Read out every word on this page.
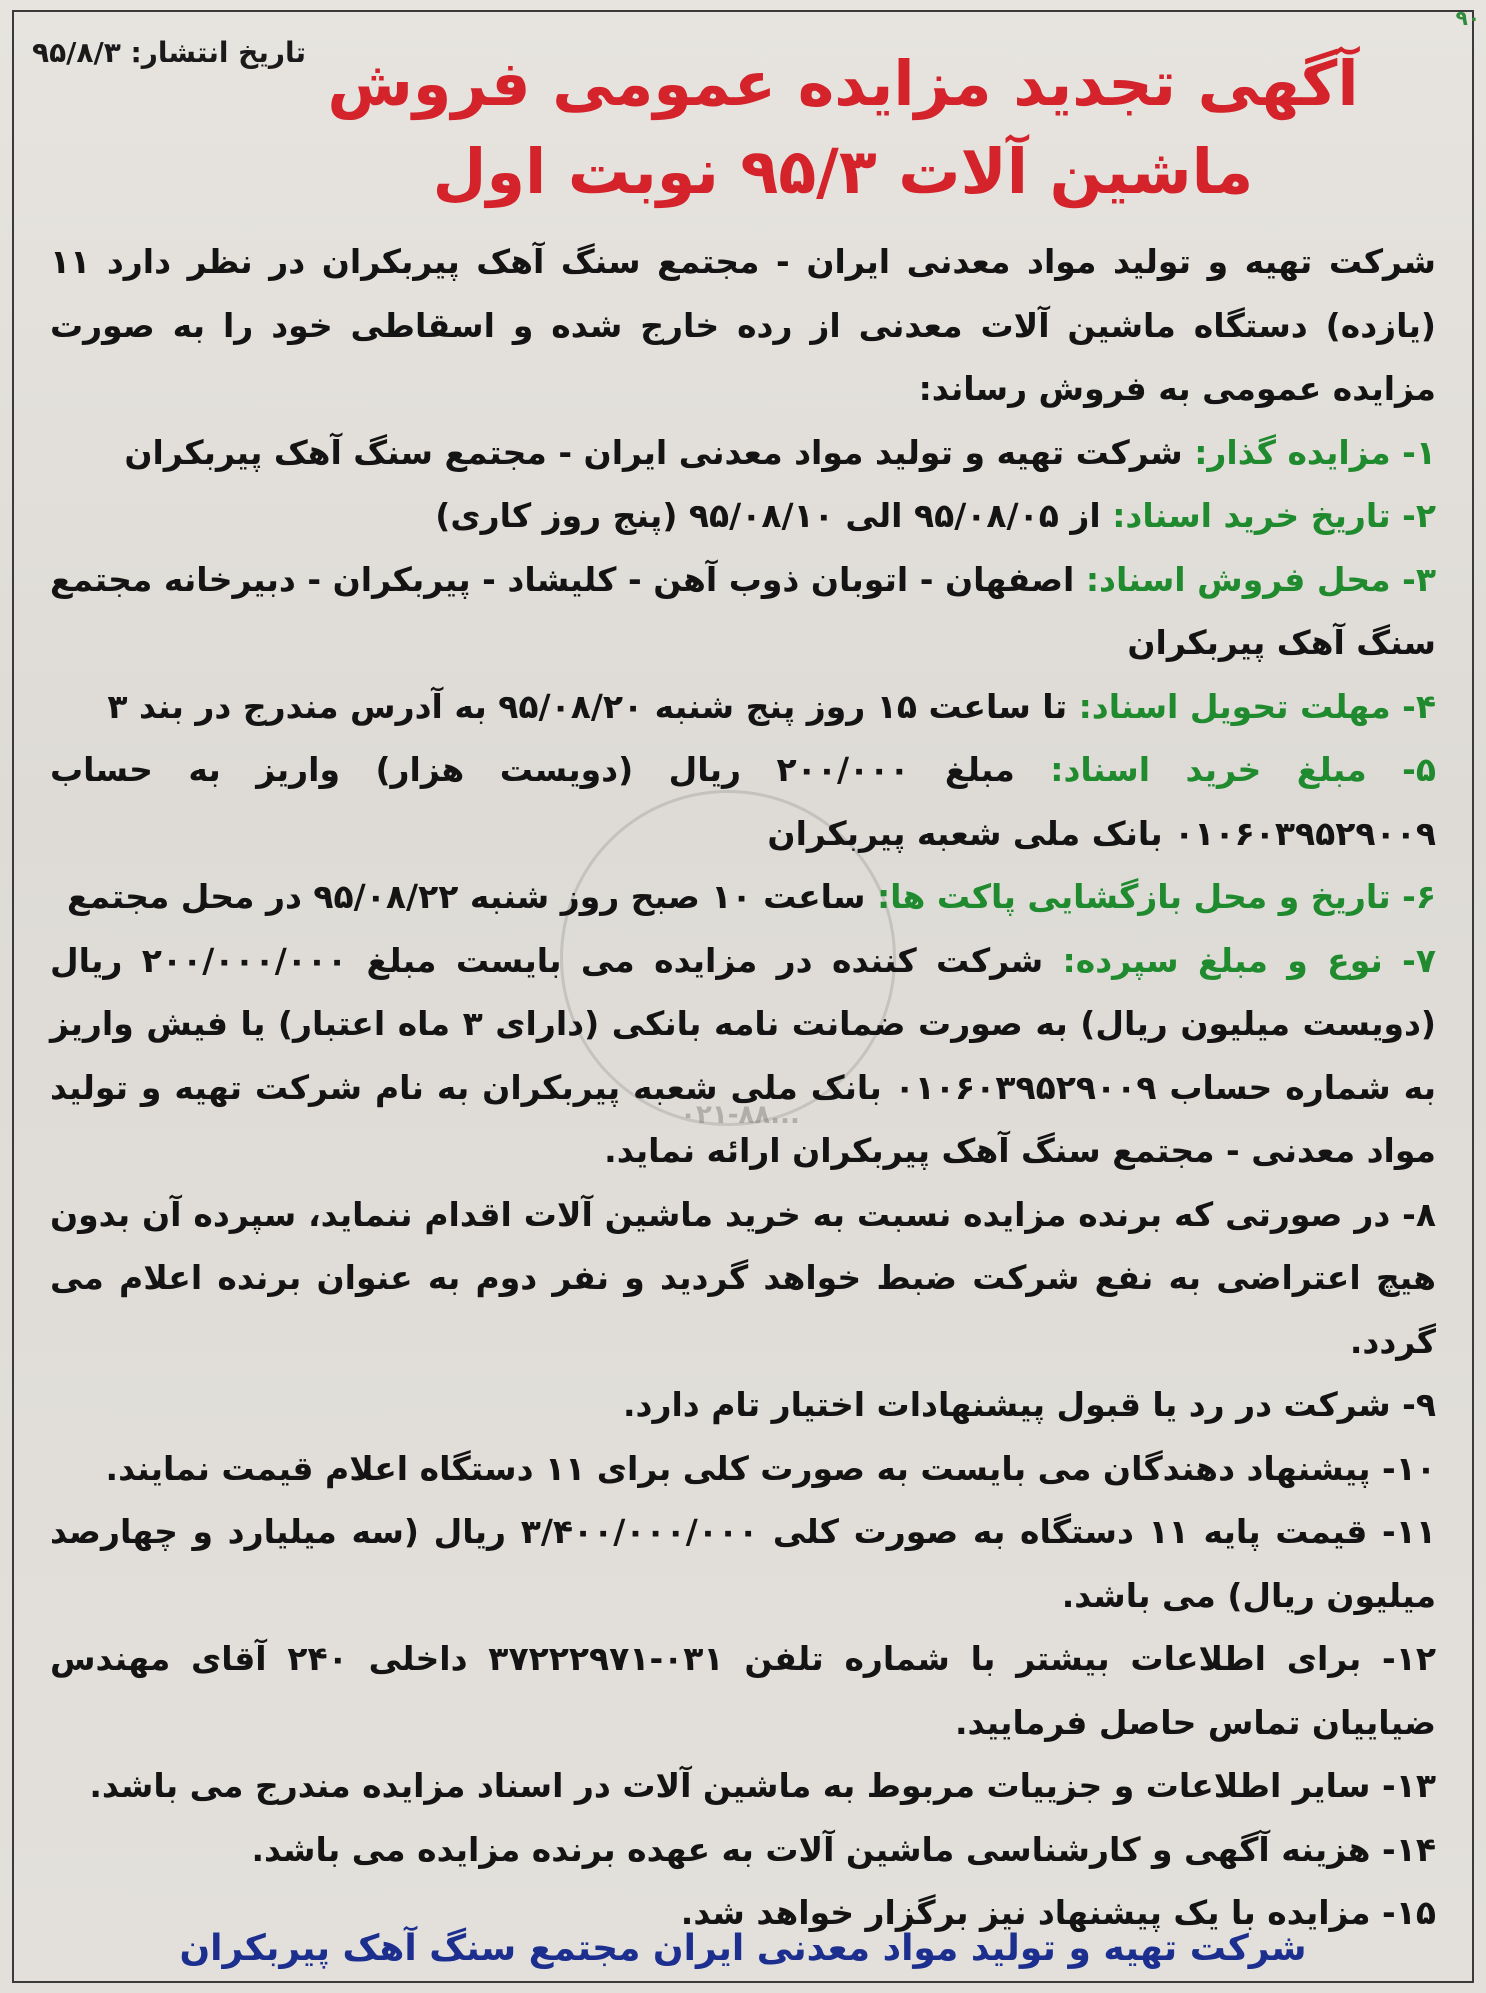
۹۰
تاریخ انتشار: ۹۵/۸/۳ آگهی تجدید مزایده عمومی فروش
ماشین آلات ۹۵/۳ نوبت اول
۰۲۱-۸۸...

شرکت تهیه و تولید مواد معدنی ایران - مجتمع سنگ آهک پیربکران در نظر دارد ۱۱ (یازده) دستگاه ماشین آلات معدنی از رده خارج شده و اسقاطی خود را به صورت مزایده عمومی به فروش رساند:

۱- مزایده گذار: شرکت تهیه و تولید مواد معدنی ایران - مجتمع سنگ آهک پیربکران

۲- تاریخ خرید اسناد: از ۹۵/۰۸/۰۵ الی ۹۵/۰۸/۱۰ (پنج روز کاری)

۳- محل فروش اسناد: اصفهان - اتوبان ذوب آهن - کلیشاد - پیربکران - دبیرخانه مجتمع سنگ آهک پیربکران

۴- مهلت تحویل اسناد: تا ساعت ۱۵ روز پنج شنبه ۹۵/۰۸/۲۰ به آدرس مندرج در بند ۳

۵- مبلغ خرید اسناد: مبلغ ۲۰۰/۰۰۰ ریال (دویست هزار) واریز به حساب ۰۱۰۶۰۳۹۵۲۹۰۰۹ بانک ملی شعبه پیربکران

۶- تاریخ و محل بازگشایی پاکت ها: ساعت ۱۰ صبح روز شنبه ۹۵/۰۸/۲۲ در محل مجتمع

۷- نوع و مبلغ سپرده: شرکت کننده در مزایده می بایست مبلغ ۲۰۰/۰۰۰/۰۰۰ ریال (دویست میلیون ریال) به صورت ضمانت نامه بانکی (دارای ۳ ماه اعتبار) یا فیش واریز به شماره حساب ۰۱۰۶۰۳۹۵۲۹۰۰۹ بانک ملی شعبه پیربکران به نام شرکت تهیه و تولید مواد معدنی - مجتمع سنگ آهک پیربکران ارائه نماید.

۸- در صورتی که برنده مزایده نسبت به خرید ماشین آلات اقدام ننماید، سپرده آن بدون هیچ اعتراضی به نفع شرکت ضبط خواهد گردید و نفر دوم به عنوان برنده اعلام می گردد.

۹- شرکت در رد یا قبول پیشنهادات اختیار تام دارد.

۱۰- پیشنهاد دهندگان می بایست به صورت کلی برای ۱۱ دستگاه اعلام قیمت نمایند.

۱۱- قیمت پایه ۱۱ دستگاه به صورت کلی ۳/۴۰۰/۰۰۰/۰۰۰ ریال (سه میلیارد و چهارصد میلیون ریال) می باشد.

۱۲- برای اطلاعات بیشتر با شماره تلفن ۰۳۱-۳۷۲۲۲۹۷۱ داخلی ۲۴۰ آقای مهندس ضیاییان تماس حاصل فرمایید.

۱۳- سایر اطلاعات و جزییات مربوط به ماشین آلات در اسناد مزایده مندرج می باشد.

۱۴- هزینه آگهی و کارشناسی ماشین آلات به عهده برنده مزایده می باشد.

۱۵- مزایده با یک پیشنهاد نیز برگزار خواهد شد.

شرکت تهیه و تولید مواد معدنی ایران مجتمع سنگ آهک پیربکران
